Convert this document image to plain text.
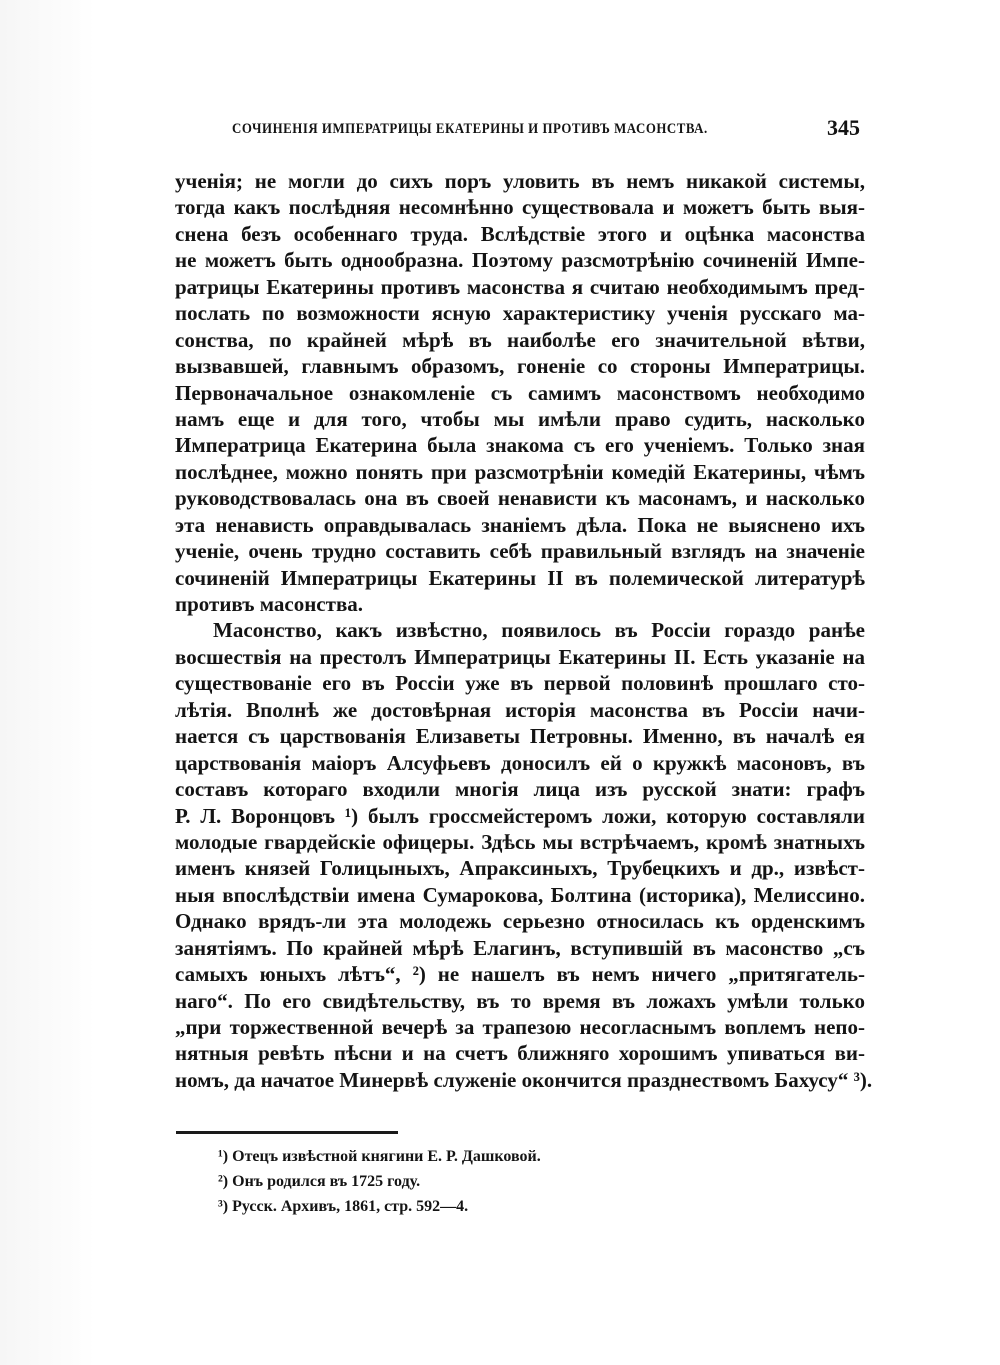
СОЧИНЕНІЯ ИМПЕРАТРИЦЫ ЕКАТЕРИНЫ И ПРОТИВЪ МАСОНСТВА.	345
ученія; не могли до сихъ поръ уловить въ немъ никакой системы,
тогда какъ послѣдняя несомнѣнно существовала и можетъ быть выя-
снена безъ особеннаго труда. Вслѣдствіе этого и оцѣнка масонства
не можетъ быть однообразна. Поэтому разсмотрѣнію сочиненій Импе-
ратрицы Екатерины противъ масонства я считаю необходимымъ пред-
послать по возможности ясную характеристику ученія русскаго ма-
сонства, по крайней мѣрѣ въ наиболѣе его значительной вѣтви,
вызвавшей, главнымъ образомъ, гоненіе со стороны Императрицы.
Первоначальное ознакомленіе съ самимъ масонствомъ необходимо
намъ еще и для того, чтобы мы имѣли право судить, насколько
Императрица Екатерина была знакома съ его ученіемъ. Только зная
послѣднее, можно понять при разсмотрѣніи комедій Екатерины, чѣмъ
руководствовалась она въ своей ненависти къ масонамъ, и насколько
эта ненависть оправдывалась знаніемъ дѣла. Пока не выяснено ихъ
ученіе, очень трудно составить себѣ правильный взглядъ на значеніе
сочиненій Императрицы Екатерины II въ полемической литературѣ
противъ масонства.
Масонство, какъ извѣстно, появилось въ Россіи гораздо ранѣе
восшествія на престолъ Императрицы Екатерины II. Есть указаніе на
существованіе его въ Россіи уже въ первой половинѣ прошлаго сто-
лѣтія. Вполнѣ же достовѣрная исторія масонства въ Россіи начи-
нается съ царствованія Елизаветы Петровны. Именно, въ началѣ ея
царствованія маіоръ Алсуфьевъ доносилъ ей о кружкѣ масоновъ, въ
составъ котораго входили многія лица изъ русской знати: графъ
Р. Л. Воронцовъ ¹) былъ гроссмейстеромъ ложи, которую составляли
молодые гвардейскіе офицеры. Здѣсь мы встрѣчаемъ, кромѣ знатныхъ
именъ князей Голицыныхъ, Апраксиныхъ, Трубецкихъ и др., извѣст-
ныя впослѣдствіи имена Сумарокова, Болтина (историка), Мелиссино.
Однако врядъ-ли эта молодежь серьезно относилась къ орденскимъ
занятіямъ. По крайней мѣрѣ Елагинъ, вступившій въ масонство „съ
самыхъ юныхъ лѣтъ“, ²) не нашелъ въ немъ ничего „притягатель-
наго“. По его свидѣтельству, въ то время въ ложахъ умѣли только
„при торжественной вечерѣ за трапезою несогласнымъ воплемъ непо-
нятныя ревѣть пѣсни и на счетъ ближняго хорошимъ упиваться ви-
номъ, да начатое Минервѣ служеніе окончится празднествомъ Бахусу“ ³).
¹) Отецъ извѣстной княгини Е. Р. Дашковой.
²) Онъ родился въ 1725 году.
³) Русск. Архивъ, 1861, стр. 592—4.
